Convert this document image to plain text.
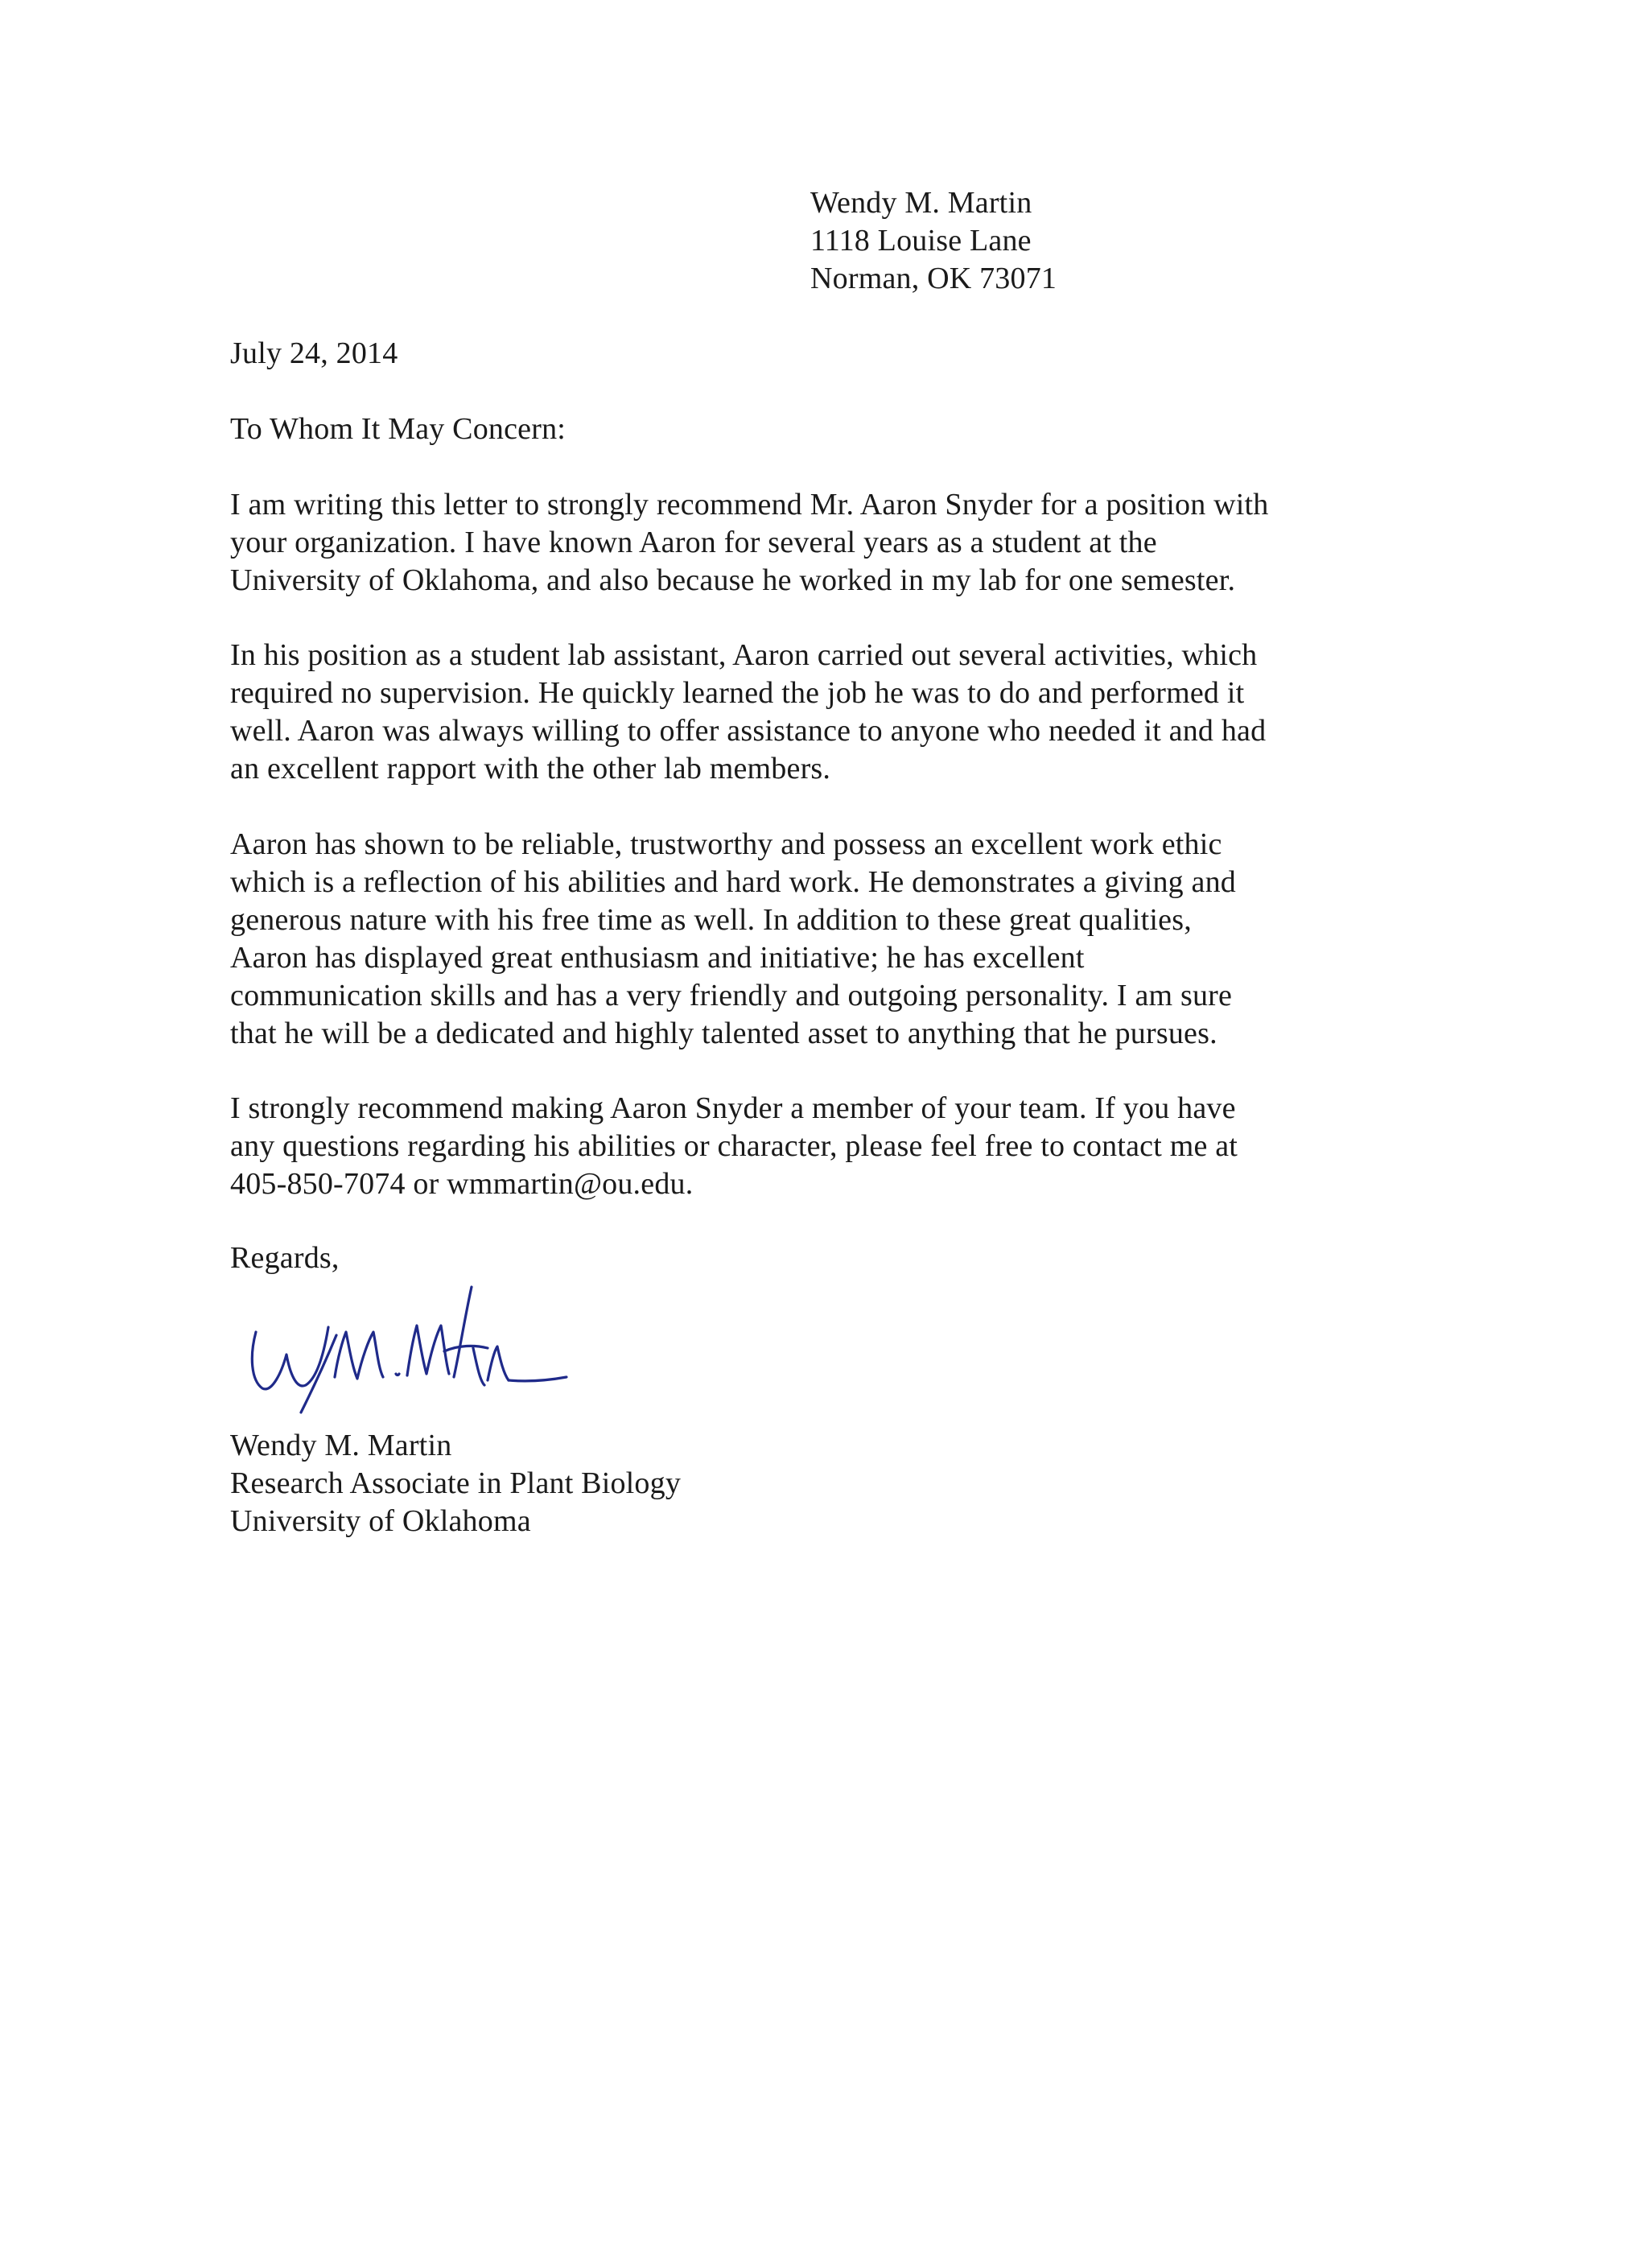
Wendy M. Martin
1118 Louise Lane
Norman, OK 73071
July 24, 2014
To Whom It May Concern:
I am writing this letter to strongly recommend Mr. Aaron Snyder for a position with
your organization. I have known Aaron for several years as a student at the
University of Oklahoma, and also because he worked in my lab for one semester.
In his position as a student lab assistant, Aaron carried out several activities, which
required no supervision. He quickly learned the job he was to do and performed it
well. Aaron was always willing to offer assistance to anyone who needed it and had
an excellent rapport with the other lab members.
Aaron has shown to be reliable, trustworthy and possess an excellent work ethic
which is a reflection of his abilities and hard work. He demonstrates a giving and
generous nature with his free time as well. In addition to these great qualities,
Aaron has displayed great enthusiasm and initiative; he has excellent
communication skills and has a very friendly and outgoing personality. I am sure
that he will be a dedicated and highly talented asset to anything that he pursues.
I strongly recommend making Aaron Snyder a member of your team. If you have
any questions regarding his abilities or character, please feel free to contact me at
405-850-7074 or wmmartin@ou.edu.
Regards,
Wendy M. Martin
Research Associate in Plant Biology
University of Oklahoma
